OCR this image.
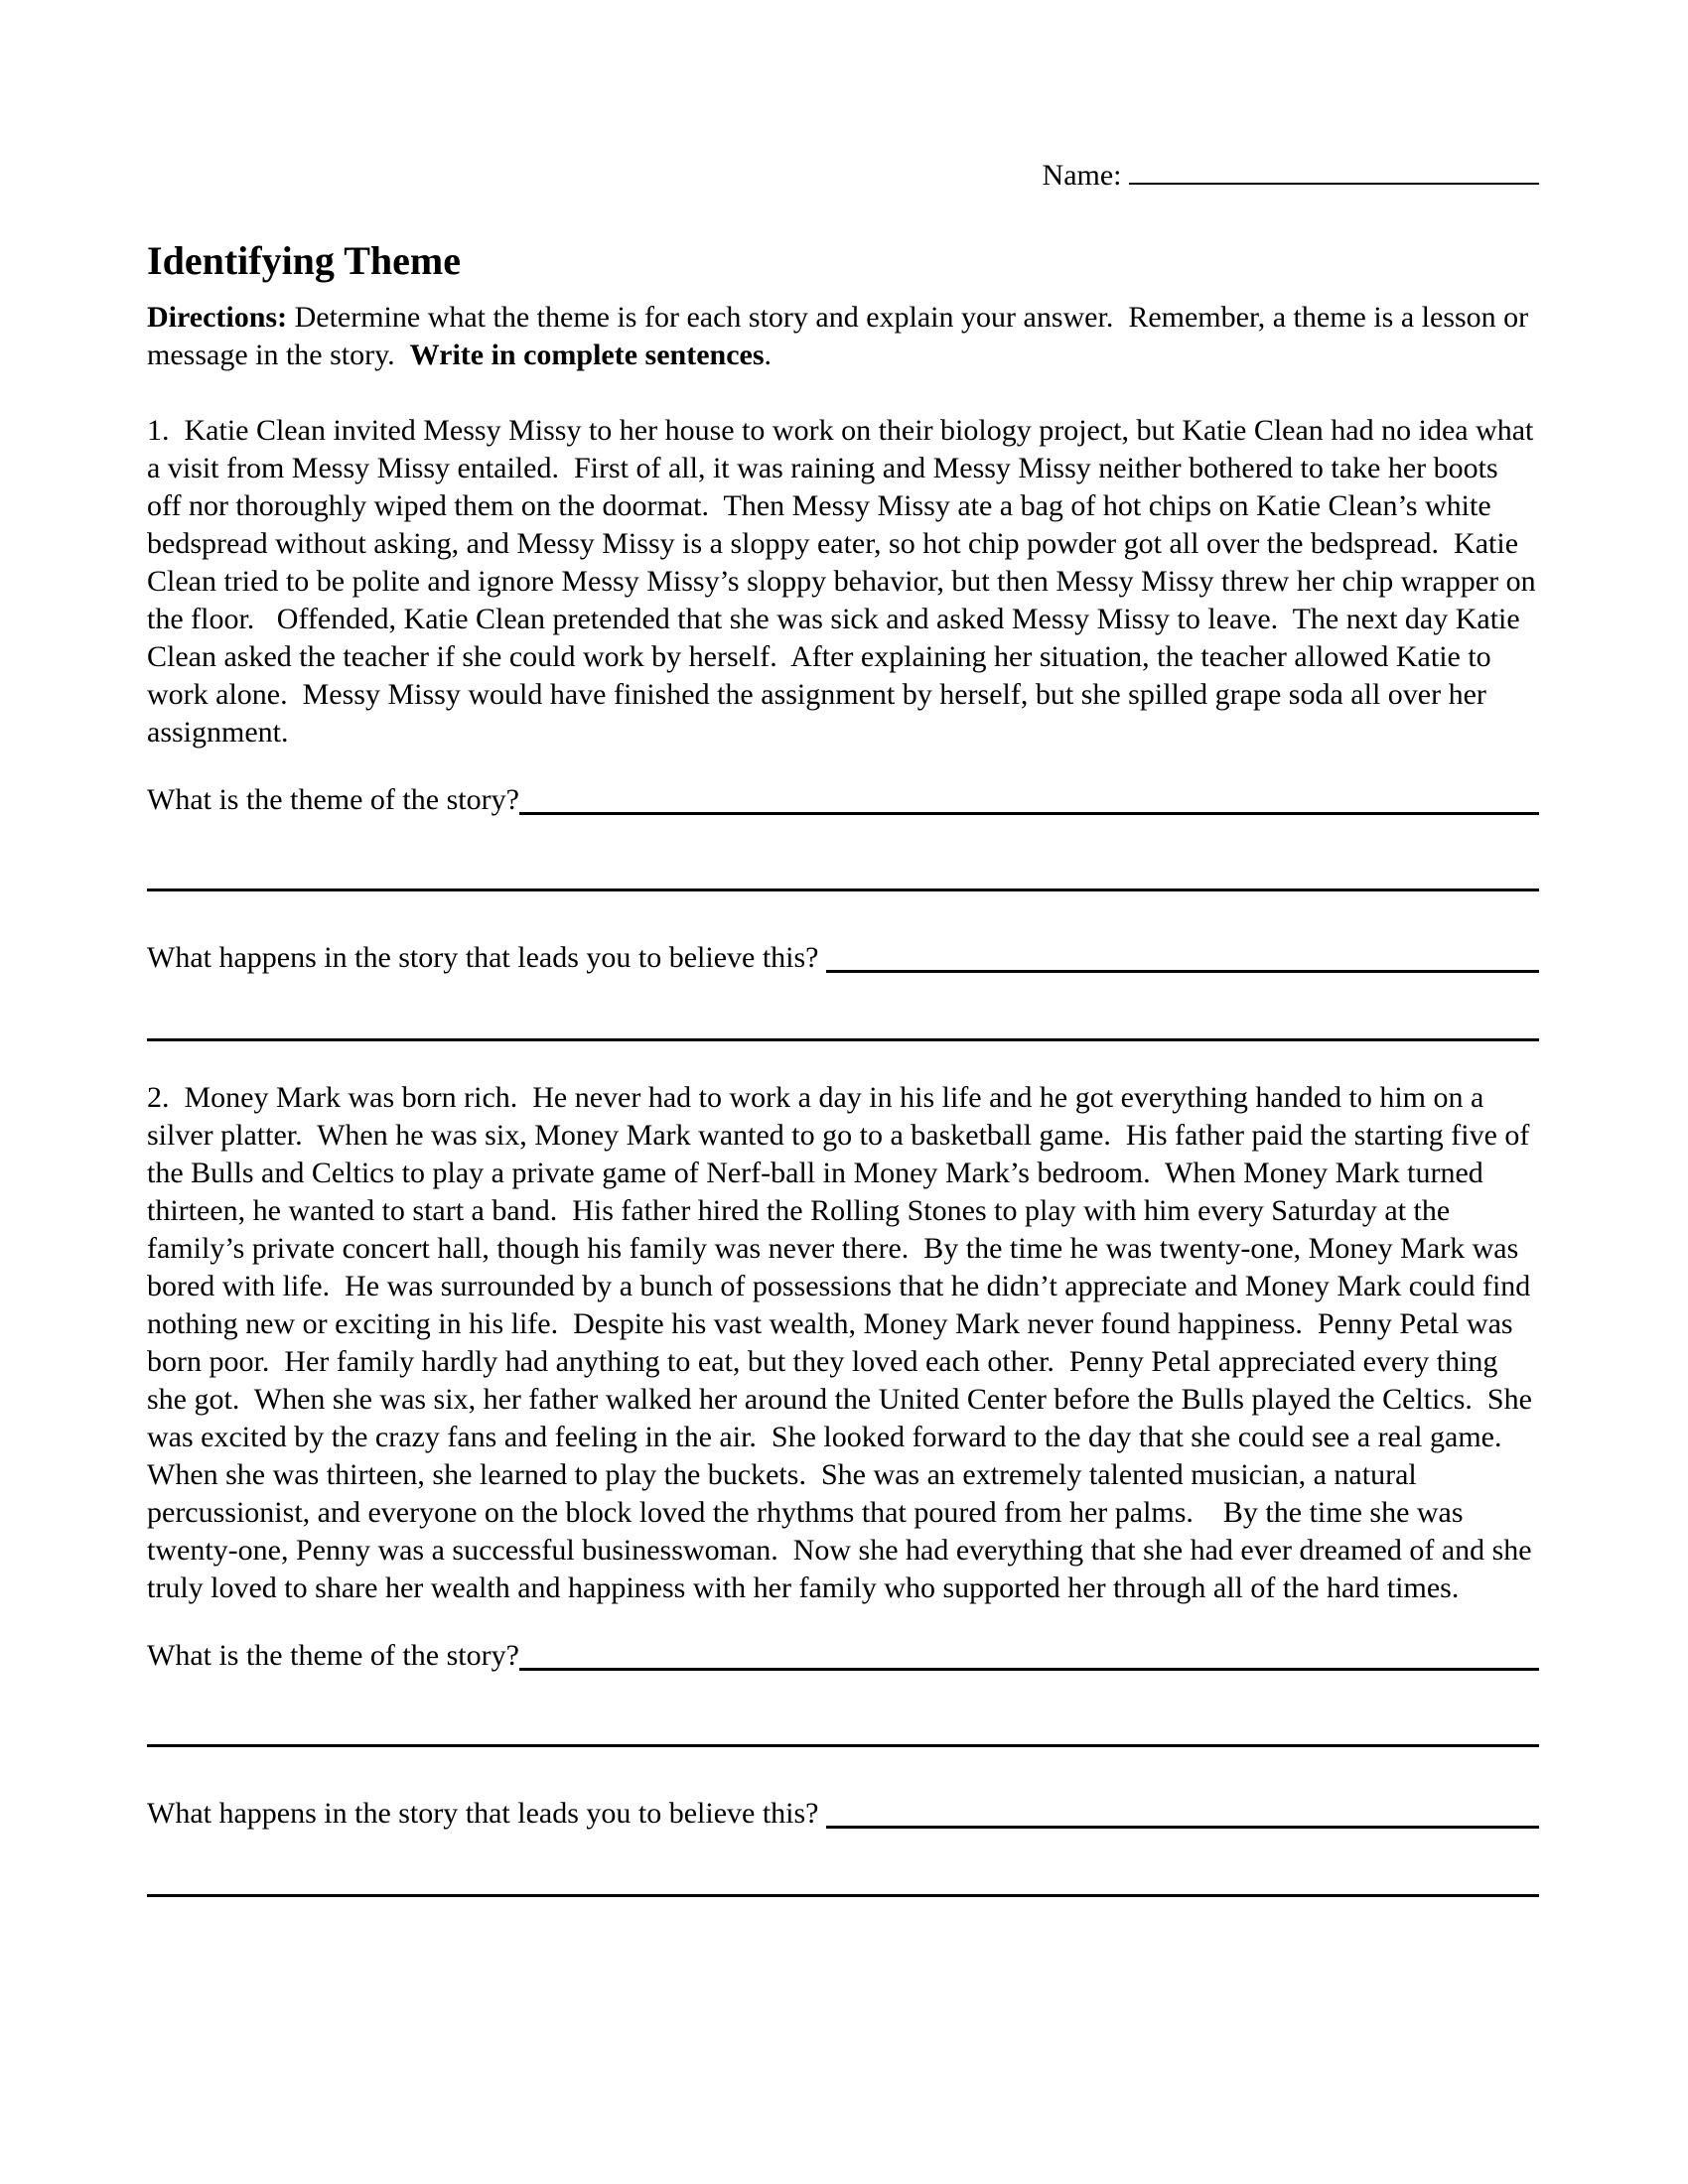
Name:

Identifying Theme

Directions: Determine what the theme is for each story and explain your answer.  Remember, a theme is a lesson or message in the story.  Write in complete sentences.

1.  Katie Clean invited Messy Missy to her house to work on their biology project, but Katie Clean had no idea what a visit from Messy Missy entailed.  First of all, it was raining and Messy Missy neither bothered to take her boots off nor thoroughly wiped them on the doormat.  Then Messy Missy ate a bag of hot chips on Katie Clean’s white bedspread without asking, and Messy Missy is a sloppy eater, so hot chip powder got all over the bedspread.  Katie Clean tried to be polite and ignore Messy Missy’s sloppy behavior, but then Messy Missy threw her chip wrapper on the floor.   Offended, Katie Clean pretended that she was sick and asked Messy Missy to leave.  The next day Katie Clean asked the teacher if she could work by herself.  After explaining her situation, the teacher allowed Katie to work alone.  Messy Missy would have finished the assignment by herself, but she spilled grape soda all over her assignment.

What is the theme of the story?
What happens in the story that leads you to believe this?

2.  Money Mark was born rich.  He never had to work a day in his life and he got everything handed to him on a silver platter.  When he was six, Money Mark wanted to go to a basketball game.  His father paid the starting five of the Bulls and Celtics to play a private game of Nerf-ball in Money Mark’s bedroom.  When Money Mark turned thirteen, he wanted to start a band.  His father hired the Rolling Stones to play with him every Saturday at the family’s private concert hall, though his family was never there.  By the time he was twenty-one, Money Mark was bored with life.  He was surrounded by a bunch of possessions that he didn’t appreciate and Money Mark could find nothing new or exciting in his life.  Despite his vast wealth, Money Mark never found happiness.  Penny Petal was born poor.  Her family hardly had anything to eat, but they loved each other.  Penny Petal appreciated every thing she got.  When she was six, her father walked her around the United Center before the Bulls played the Celtics.  She was excited by the crazy fans and feeling in the air.  She looked forward to the day that she could see a real game.  When she was thirteen, she learned to play the buckets.  She was an extremely talented musician, a natural percussionist, and everyone on the block loved the rhythms that poured from her palms.    By the time she was twenty-one, Penny was a successful businesswoman.  Now she had everything that she had ever dreamed of and she truly loved to share her wealth and happiness with her family who supported her through all of the hard times.

What is the theme of the story?
What happens in the story that leads you to believe this?
